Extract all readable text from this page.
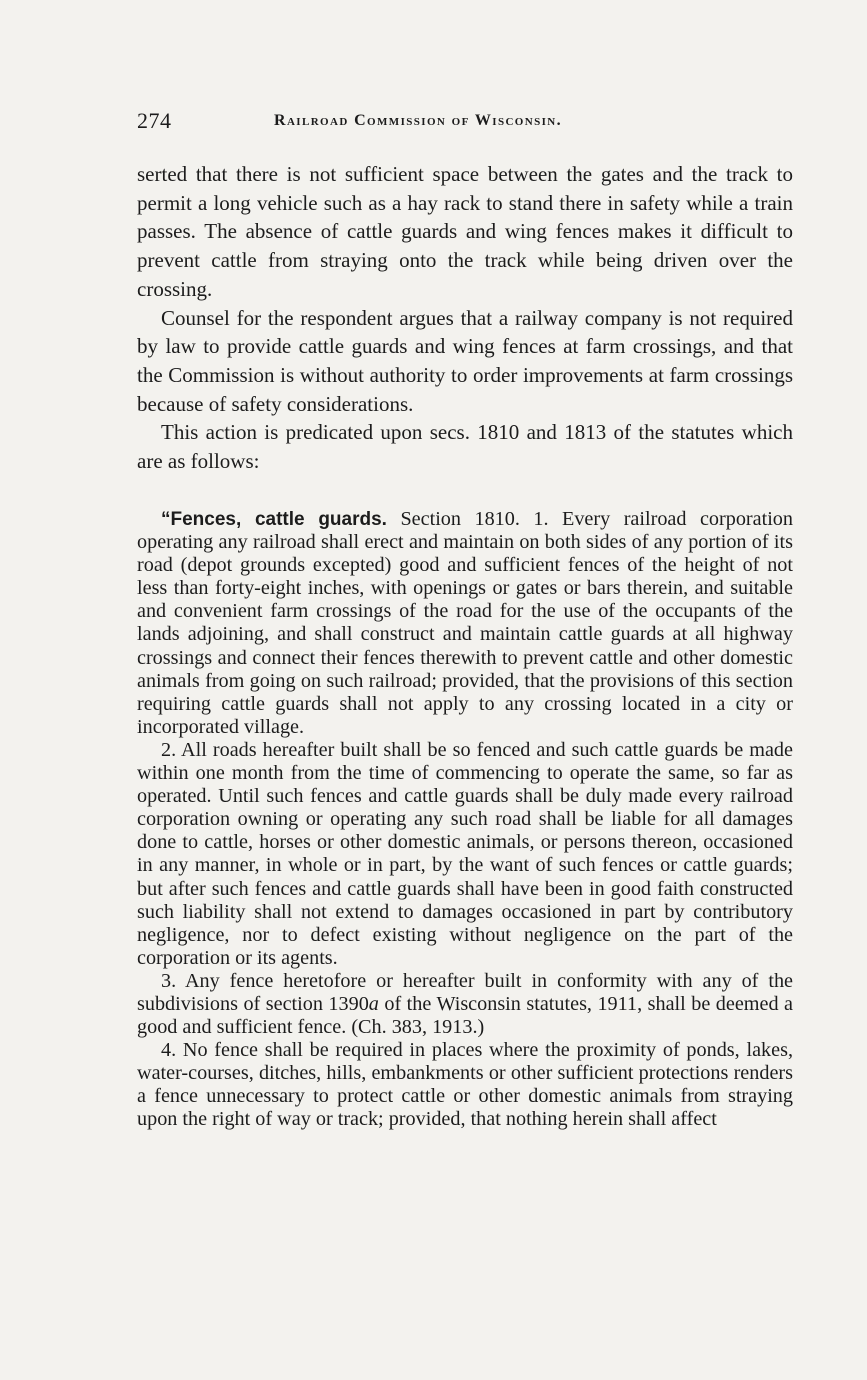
274	Railroad Commission of Wisconsin.

serted that there is not sufficient space between the gates and the track to permit a long vehicle such as a hay rack to stand there in safety while a train passes. The absence of cattle guards and wing fences makes it difficult to prevent cattle from straying onto the track while being driven over the crossing.

Counsel for the respondent argues that a railway company is not required by law to provide cattle guards and wing fences at farm crossings, and that the Commission is without authority to order improvements at farm crossings because of safety considerations.

This action is predicated upon secs. 1810 and 1813 of the statutes which are as follows:

“Fences, cattle guards. Section 1810. 1. Every railroad corporation operating any railroad shall erect and maintain on both sides of any portion of its road (depot grounds excepted) good and sufficient fences of the height of not less than forty-eight inches, with openings or gates or bars therein, and suitable and convenient farm crossings of the road for the use of the occupants of the lands adjoining, and shall construct and maintain cattle guards at all highway crossings and connect their fences therewith to prevent cattle and other domestic animals from going on such railroad; provided, that the provisions of this section requiring cattle guards shall not apply to any crossing located in a city or incorporated village.

2. All roads hereafter built shall be so fenced and such cattle guards be made within one month from the time of commencing to operate the same, so far as operated. Until such fences and cattle guards shall be duly made every railroad corporation owning or operating any such road shall be liable for all damages done to cattle, horses or other domestic animals, or persons thereon, occasioned in any manner, in whole or in part, by the want of such fences or cattle guards; but after such fences and cattle guards shall have been in good faith constructed such liability shall not extend to damages occasioned in part by contributory negligence, nor to defect existing without negligence on the part of the corporation or its agents.

3. Any fence heretofore or hereafter built in conformity with any of the subdivisions of section 1390a of the Wisconsin statutes, 1911, shall be deemed a good and sufficient fence. (Ch. 383, 1913.)

4. No fence shall be required in places where the proximity of ponds, lakes, water-courses, ditches, hills, embankments or other sufficient protections renders a fence unnecessary to protect cattle or other domestic animals from straying upon the right of way or track; provided, that nothing herein shall affect
